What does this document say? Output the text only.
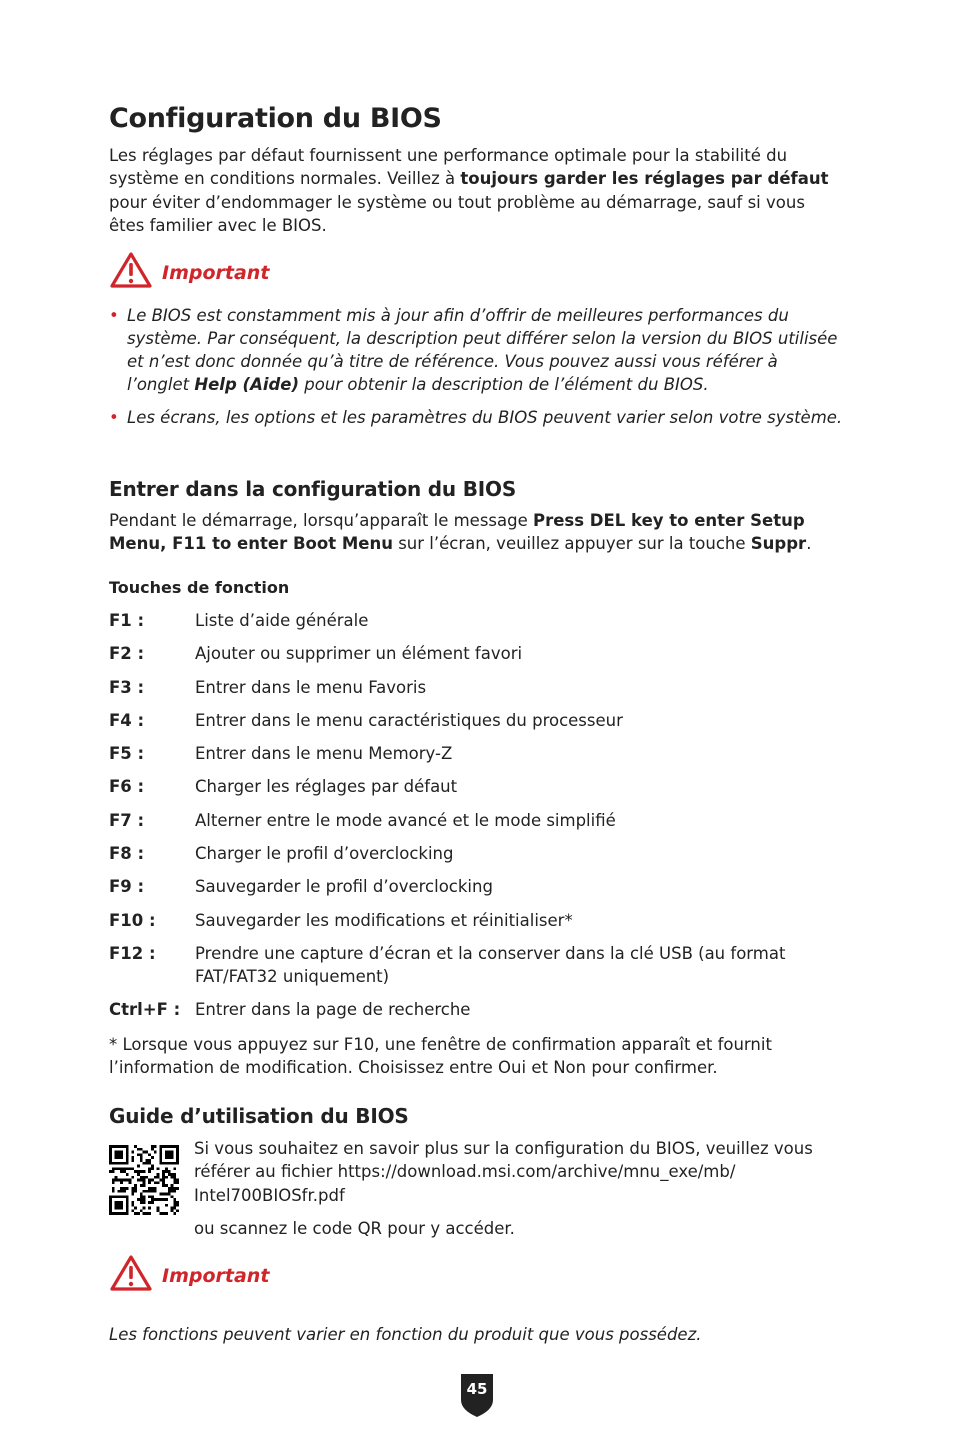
Configuration du BIOS

Les réglages par défaut fournissent une performance optimale pour la stabilité du système en conditions normales. Veillez à toujours garder les réglages par défaut pour éviter d’endommager le système ou tout problème au démarrage, sauf si vous êtes familier avec le BIOS.

Important
• Le BIOS est constamment mis à jour afin d’offrir de meilleures performances du système. Par conséquent, la description peut différer selon la version du BIOS utilisée et n’est donc donnée qu’à titre de référence. Vous pouvez aussi vous référer à l’onglet Help (Aide) pour obtenir la description de l’élément du BIOS.
• Les écrans, les options et les paramètres du BIOS peuvent varier selon votre système.
Entrer dans la configuration du BIOS

Pendant le démarrage, lorsqu’apparaît le message Press DEL key to enter Setup Menu, F11 to enter Boot Menu sur l’écran, veuillez appuyer sur la touche Suppr.

Touches de fonction
F1 :	Liste d’aide générale
F2 :	Ajouter ou supprimer un élément favori
F3 :	Entrer dans le menu Favoris
F4 :	Entrer dans le menu caractéristiques du processeur
F5 :	Entrer dans le menu Memory-Z
F6 :	Charger les réglages par défaut
F7 :	Alterner entre le mode avancé et le mode simplifié
F8 :	Charger le profil d’overclocking
F9 :	Sauvegarder le profil d’overclocking
F10 :	Sauvegarder les modifications et réinitialiser*
F12 :	Prendre une capture d’écran et la conserver dans la clé USB (au format FAT/FAT32 uniquement)
Ctrl+F : Entrer dans la page de recherche

* Lorsque vous appuyez sur F10, une fenêtre de confirmation apparaît et fournit l’information de modification. Choisissez entre Oui et Non pour confirmer.

Guide d’utilisation du BIOS

Si vous souhaitez en savoir plus sur la configuration du BIOS, veuillez vous référer au fichier https://download.msi.com/archive/mnu_exe/mb/ Intel700BIOSfr.pdf

ou scannez le code QR pour y accéder.

Important

Les fonctions peuvent varier en fonction du produit que vous possédez.

45
